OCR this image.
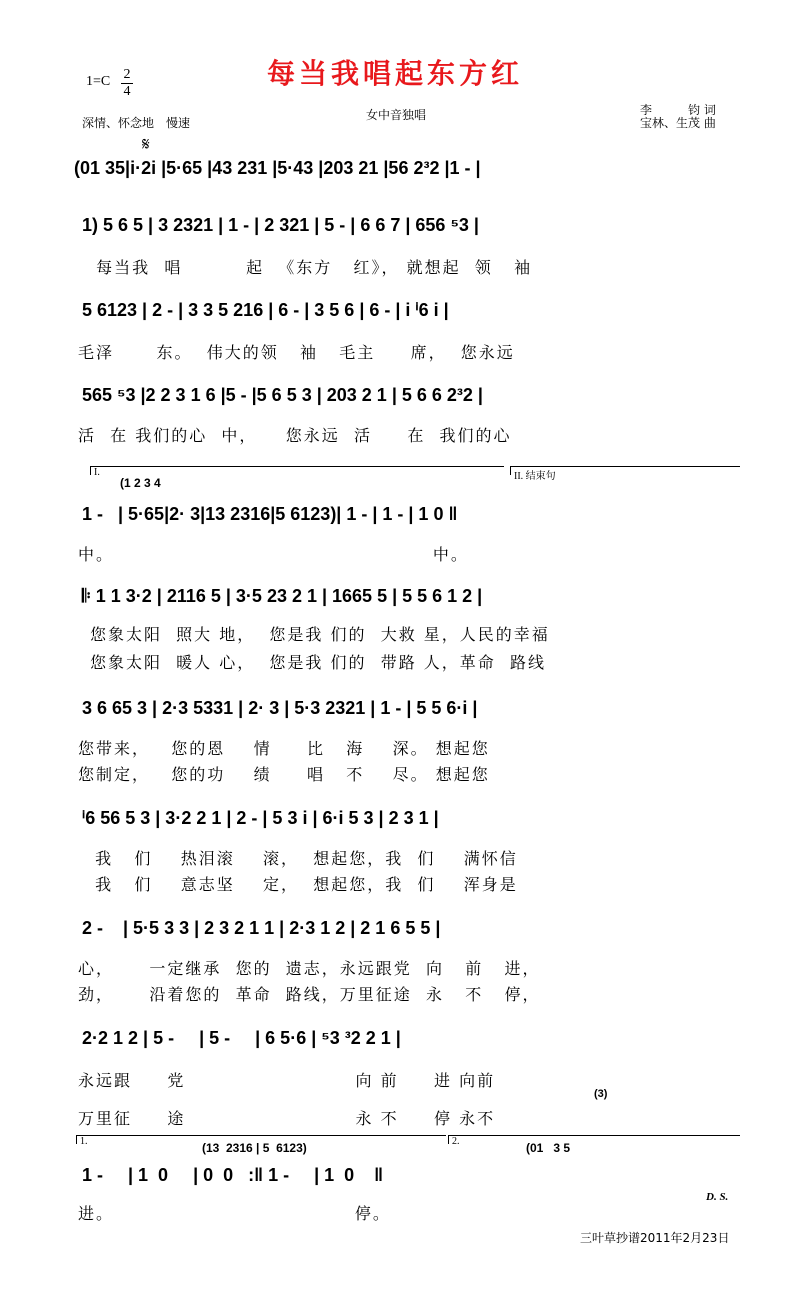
每当我唱起东方红
1=C 2
4
深情、怀念地　慢速
女中音独唱	李　　　钧 词
宝林、生茂 曲
𝄋
(01 35|i·2i |5·65 |43 231 |5·43 |203 21 |56 2³2 |1 - |
1) 5 6 5 | 3 2321 | 1 - | 2 321 | 5 - | 6 6 7 | 656 ⁵3 |
每当我  唱         起  《东方   红》， 就想起  领   袖
5 6123 | 2 - | 3 3 5 216 | 6 - | 3 5 6 | 6 - | i ⁱ6 i |
毛泽      东。  伟大的领   袖   毛主     席，  您永远
565 ⁵3 |2 2 3 1 6 |5 - |5 6 5 3 | 203 2 1 | 5 6 6 2³2 |
活  在 我们的心  中，    您永远  活     在  我们的心
I.	II. 结束句
(1 2 3 4
1 -   | 5·65|2· 3|13 2316|5 6123)| 1 - | 1 - | 1 0 ‖
中。                                             中。
𝄆 1 1 3·2 | 2116 5 | 3·5 23 2 1 | 1665 5 | 5 5 6 1 2 |
您象太阳  照大 地，  您是我 们的  大救 星，人民的幸福
您象太阳  暖人 心，  您是我 们的  带路 人，革命  路线
3 6 65 3 | 2·3 5331 | 2· 3 | 5·3 2321 | 1 - | 5 5 6·i |
您带来，   您的恩    情     比   海    深。 想起您
您制定，   您的功    绩     唱   不    尽。 想起您
ⁱ6 56 5 3 | 3·2 2 1 | 2 - | 5 3 i | 6·i 5 3 | 2 3 1 |
我   们    热泪滚    滚，  想起您，我  们    满怀信
我   们    意志坚    定，  想起您，我  们    浑身是
2 -    | 5·5 3 3 | 2 3 2 1 1 | 2·3 1 2 | 2 1 6 5 5 |
心，     一定继承  您的  遗志，永远跟党  向   前   进，
劲，     沿着您的  革命  路线，万里征途  永   不   停，
2·2 1 2 | 5 -     | 5 -     | 6 5·6 | ⁵3 ³2 2 1 |
永远跟     党                        向 前     进 向前
(3)
万里征     途                        永 不     停 永不
1.	2.
(13  2316 | 5  6123)	(01   3 5
1 -     | 1  0     | 0  0   :‖ 1 -     | 1  0    ‖
进。                                  停。
D. S.
三叶草抄谱2011年2月23日
